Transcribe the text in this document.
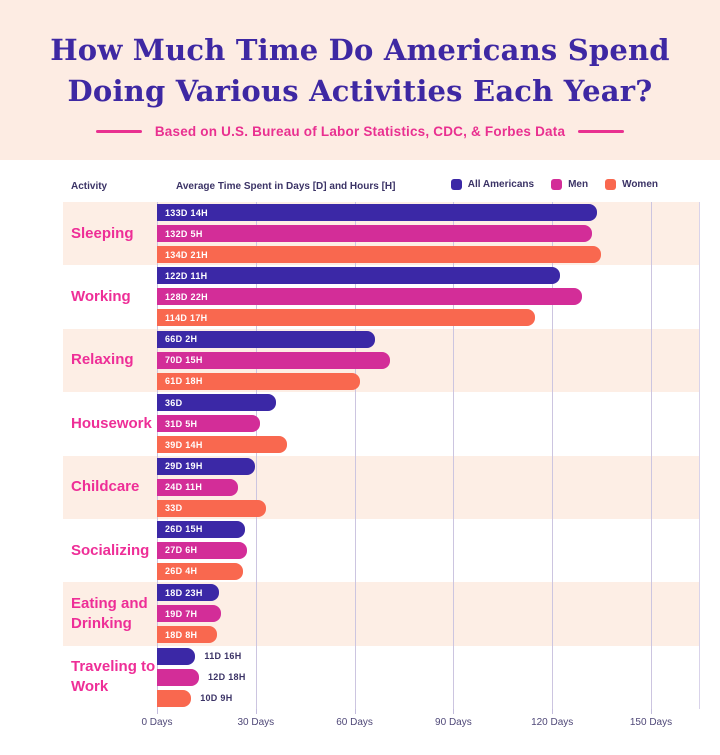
How Much Time Do Americans Spend
Doing Various Activities Each Year?
Based on U.S. Bureau of Labor Statistics, CDC, & Forbes Data
Activity	Average Time Spent in Days [D] and Hours [H]	All Americans	Men	Women
Sleeping
133D 14H
132D 5H
134D 21H
Working
122D 11H
128D 22H
114D 17H
Relaxing
66D 2H
70D 15H
61D 18H
Housework
36D
31D 5H
39D 14H
Childcare
29D 19H
24D 11H
33D
Socializing
26D 15H
27D 6H
26D 4H
Eating and Drinking
18D 23H
19D 7H
18D 8H
Traveling to Work
11D 16H
12D 18H
10D 9H
0 Days	30 Days	60 Days	90 Days	120 Days	150 Days
